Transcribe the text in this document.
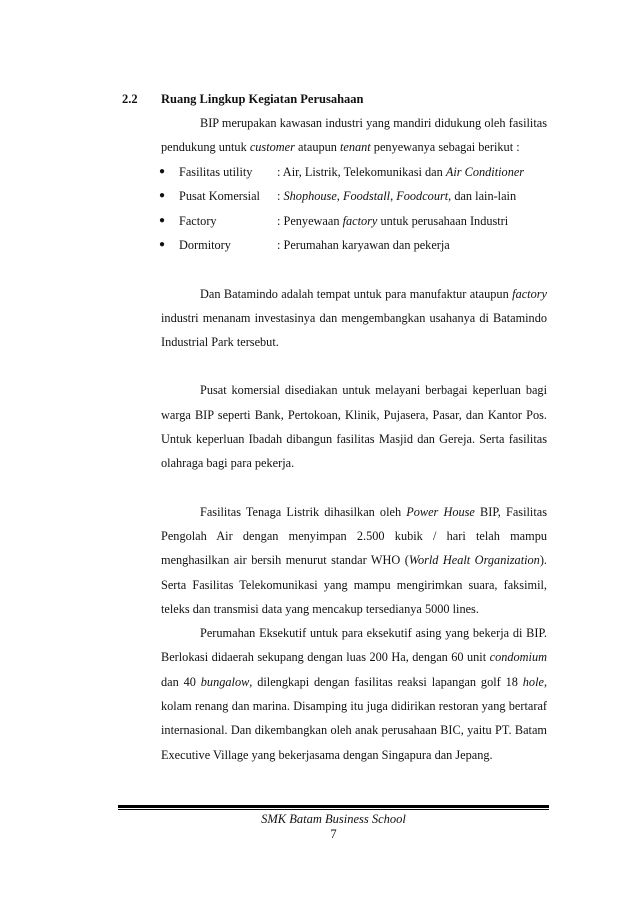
2.2 Ruang Lingkup Kegiatan Perusahaan

BIP merupakan kawasan industri yang mandiri didukung oleh fasilitas pendukung untuk customer ataupun tenant penyewanya sebagai berikut :

● Fasilitas utility : Air, Listrik, Telekomunikasi dan Air Conditioner
● Pusat Komersial : Shophouse, Foodstall, Foodcourt, dan lain-lain
● Factory	: Penyewaan factory untuk perusahaan Industri
● Dormitory	: Perumahan karyawan dan pekerja

Dan Batamindo adalah tempat untuk para manufaktur ataupun factory industri menanam investasinya dan mengembangkan usahanya di Batamindo Industrial Park tersebut.

Pusat komersial disediakan untuk melayani berbagai keperluan bagi warga BIP seperti Bank, Pertokoan, Klinik, Pujasera, Pasar, dan Kantor Pos. Untuk keperluan Ibadah dibangun fasilitas Masjid dan Gereja. Serta fasilitas olahraga bagi para pekerja.

Fasilitas Tenaga Listrik dihasilkan oleh Power House BIP, Fasilitas Pengolah Air dengan menyimpan 2.500 kubik / hari telah mampu menghasilkan air bersih menurut standar WHO (World Healt Organization). Serta Fasilitas Telekomunikasi yang mampu mengirimkan suara, faksimil, teleks dan transmisi data yang mencakup tersedianya 5000 lines.

Perumahan Eksekutif untuk para eksekutif asing yang bekerja di BIP. Berlokasi didaerah sekupang dengan luas 200 Ha, dengan 60 unit condomium dan 40 bungalow, dilengkapi dengan fasilitas reaksi lapangan golf 18 hole, kolam renang dan marina. Disamping itu juga didirikan restoran yang bertaraf internasional. Dan dikembangkan oleh anak perusahaan BIC, yaitu PT. Batam Executive Village yang bekerjasama dengan Singapura dan Jepang.

SMK Batam Business School
7
